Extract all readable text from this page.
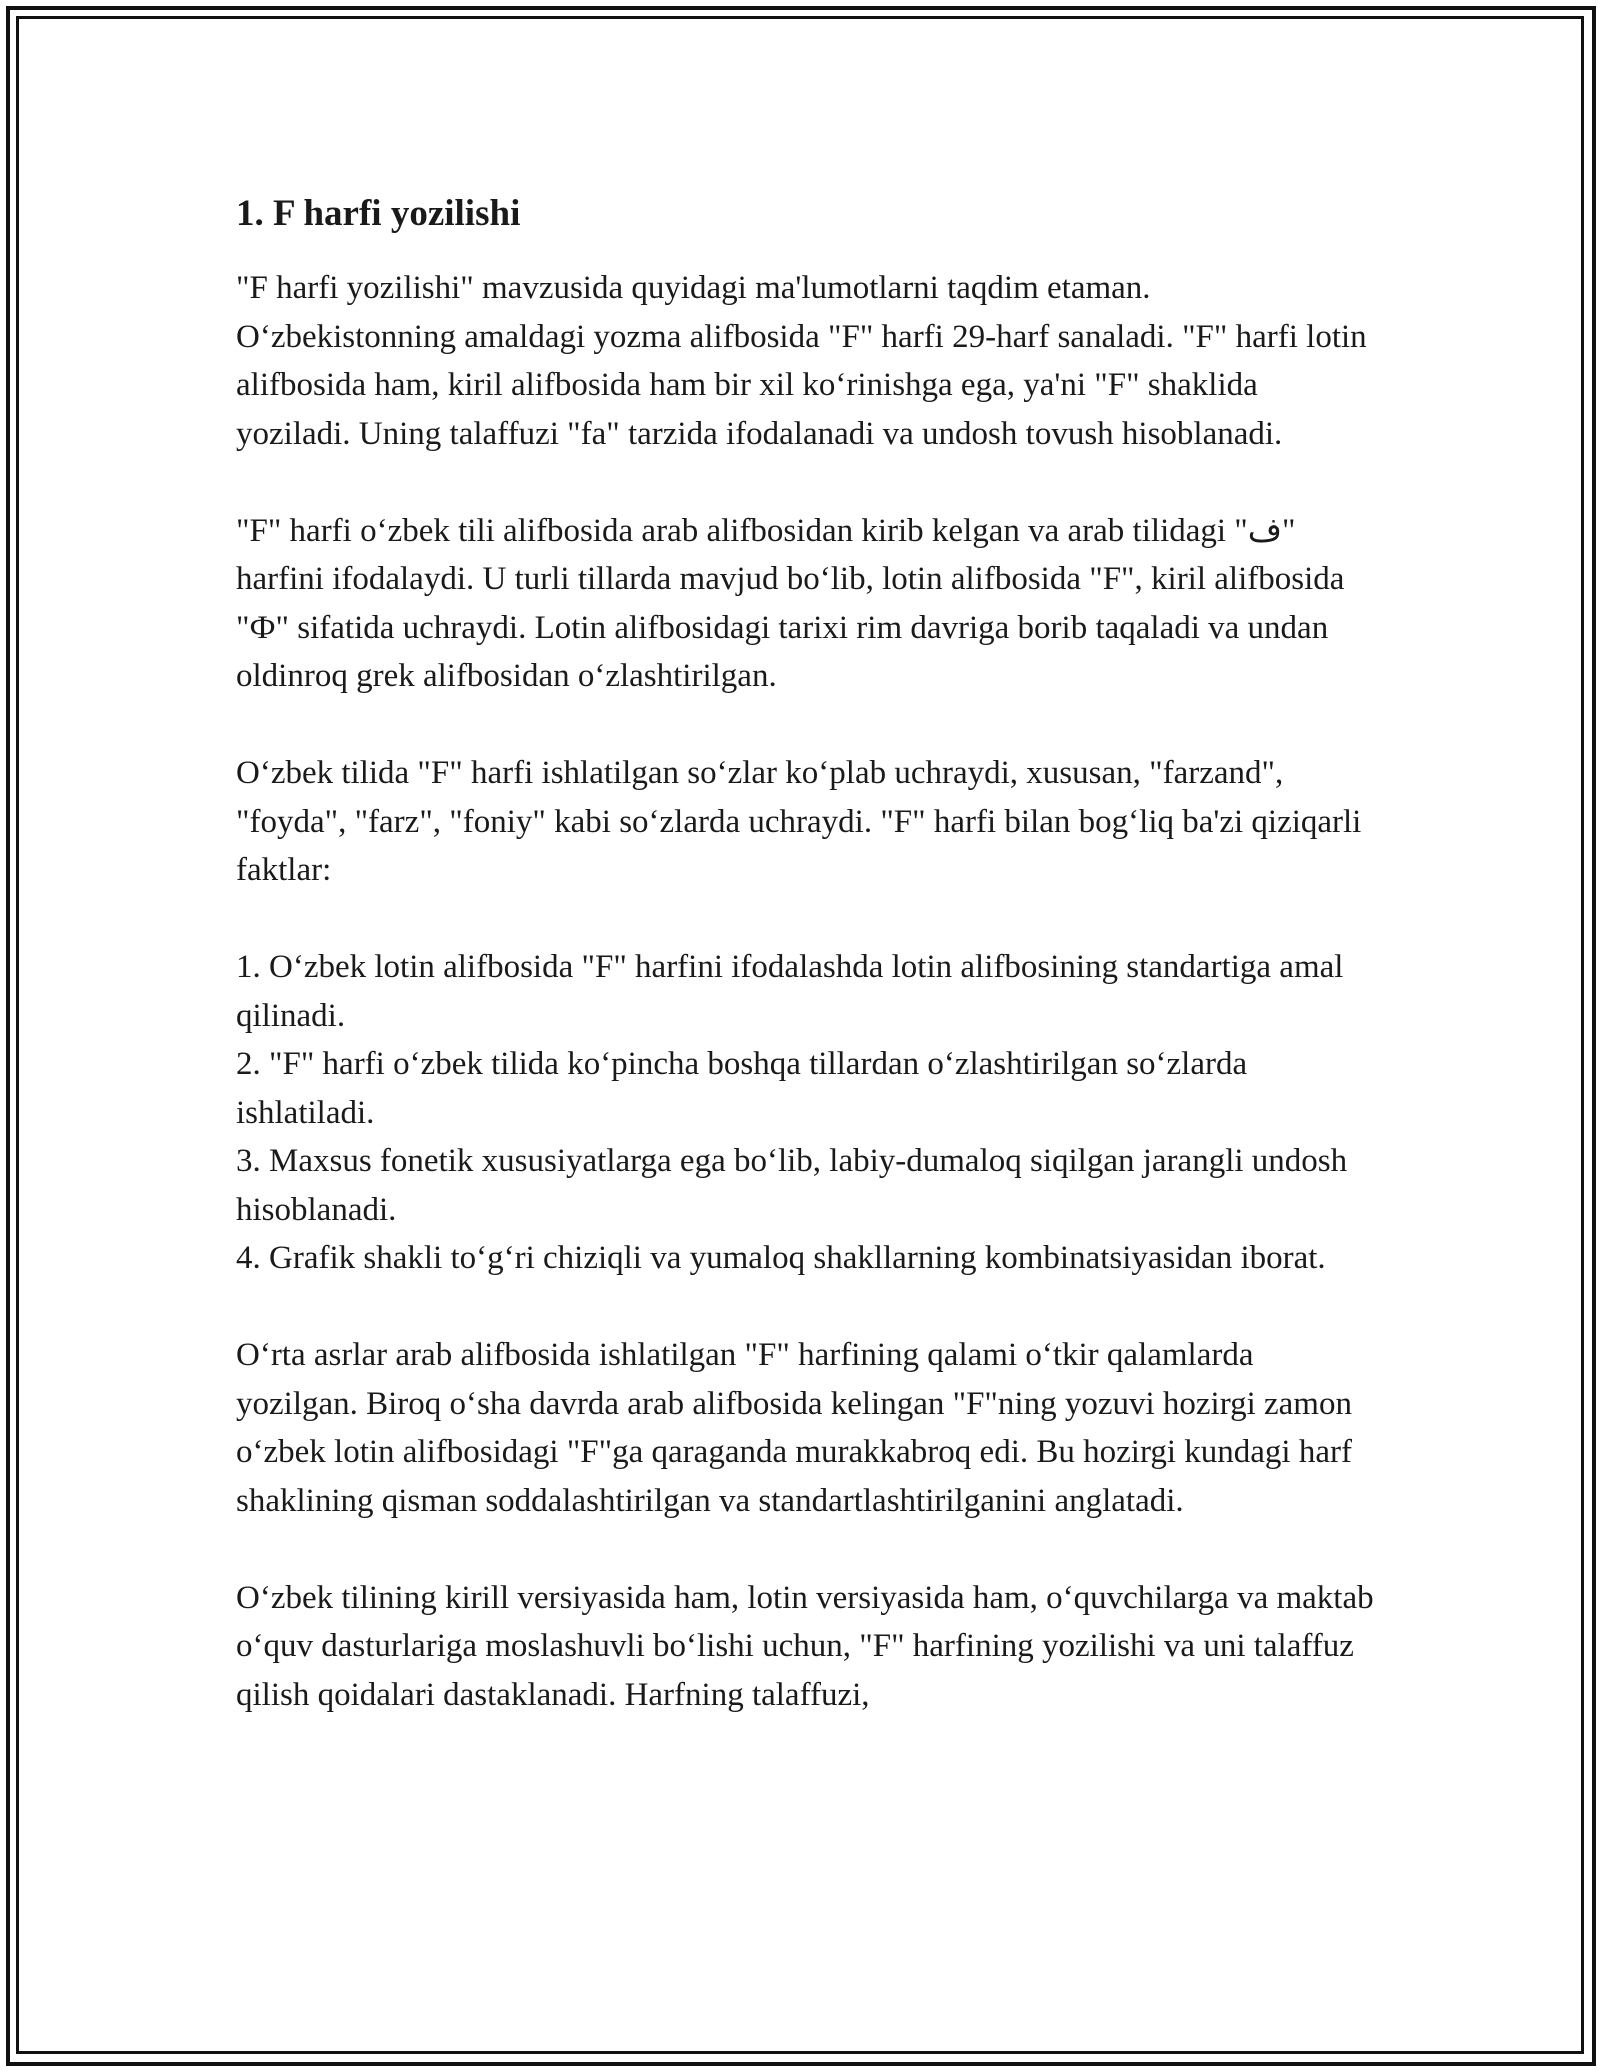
1. F harfi yozilishi

"F harfi yozilishi" mavzusida quyidagi ma'lumotlarni taqdim etaman. O‘zbekistonning amaldagi yozma alifbosida "F" harfi 29-harf sanaladi. "F" harfi lotin alifbosida ham, kiril alifbosida ham bir xil ko‘rinishga ega, ya'ni "F" shaklida yoziladi. Uning talaffuzi "fa" tarzida ifodalanadi va undosh tovush hisoblanadi.

"F" harfi o‘zbek tili alifbosida arab alifbosidan kirib kelgan va arab tilidagi "ف" harfini ifodalaydi. U turli tillarda mavjud bo‘lib, lotin alifbosida "F", kiril alifbosida "Ф" sifatida uchraydi. Lotin alifbosidagi tarixi rim davriga borib taqaladi va undan oldinroq grek alifbosidan o‘zlashtirilgan.

O‘zbek tilida "F" harfi ishlatilgan so‘zlar ko‘plab uchraydi, xususan, "farzand", "foyda", "farz", "foniy" kabi so‘zlarda uchraydi. "F" harfi bilan bog‘liq ba'zi qiziqarli faktlar:

1. O‘zbek lotin alifbosida "F" harfini ifodalashda lotin alifbosining standartiga amal qilinadi.
2. "F" harfi o‘zbek tilida ko‘pincha boshqa tillardan o‘zlashtirilgan so‘zlarda ishlatiladi.
3. Maxsus fonetik xususiyatlarga ega bo‘lib, labiy-dumaloq siqilgan jarangli undosh hisoblanadi.
4. Grafik shakli to‘g‘ri chiziqli va yumaloq shakllarning kombinatsiyasidan iborat.

O‘rta asrlar arab alifbosida ishlatilgan "F" harfining qalami o‘tkir qalamlarda yozilgan. Biroq o‘sha davrda arab alifbosida kelingan "F"ning yozuvi hozirgi zamon o‘zbek lotin alifbosidagi "F"ga qaraganda murakkabroq edi. Bu hozirgi kundagi harf shaklining qisman soddalashtirilgan va standartlashtirilganini anglatadi.

O‘zbek tilining kirill versiyasida ham, lotin versiyasida ham, o‘quvchilarga va maktab o‘quv dasturlariga moslashuvli bo‘lishi uchun, "F" harfining yozilishi va uni talaffuz qilish qoidalari dastaklanadi. Harfning talaffuzi,
